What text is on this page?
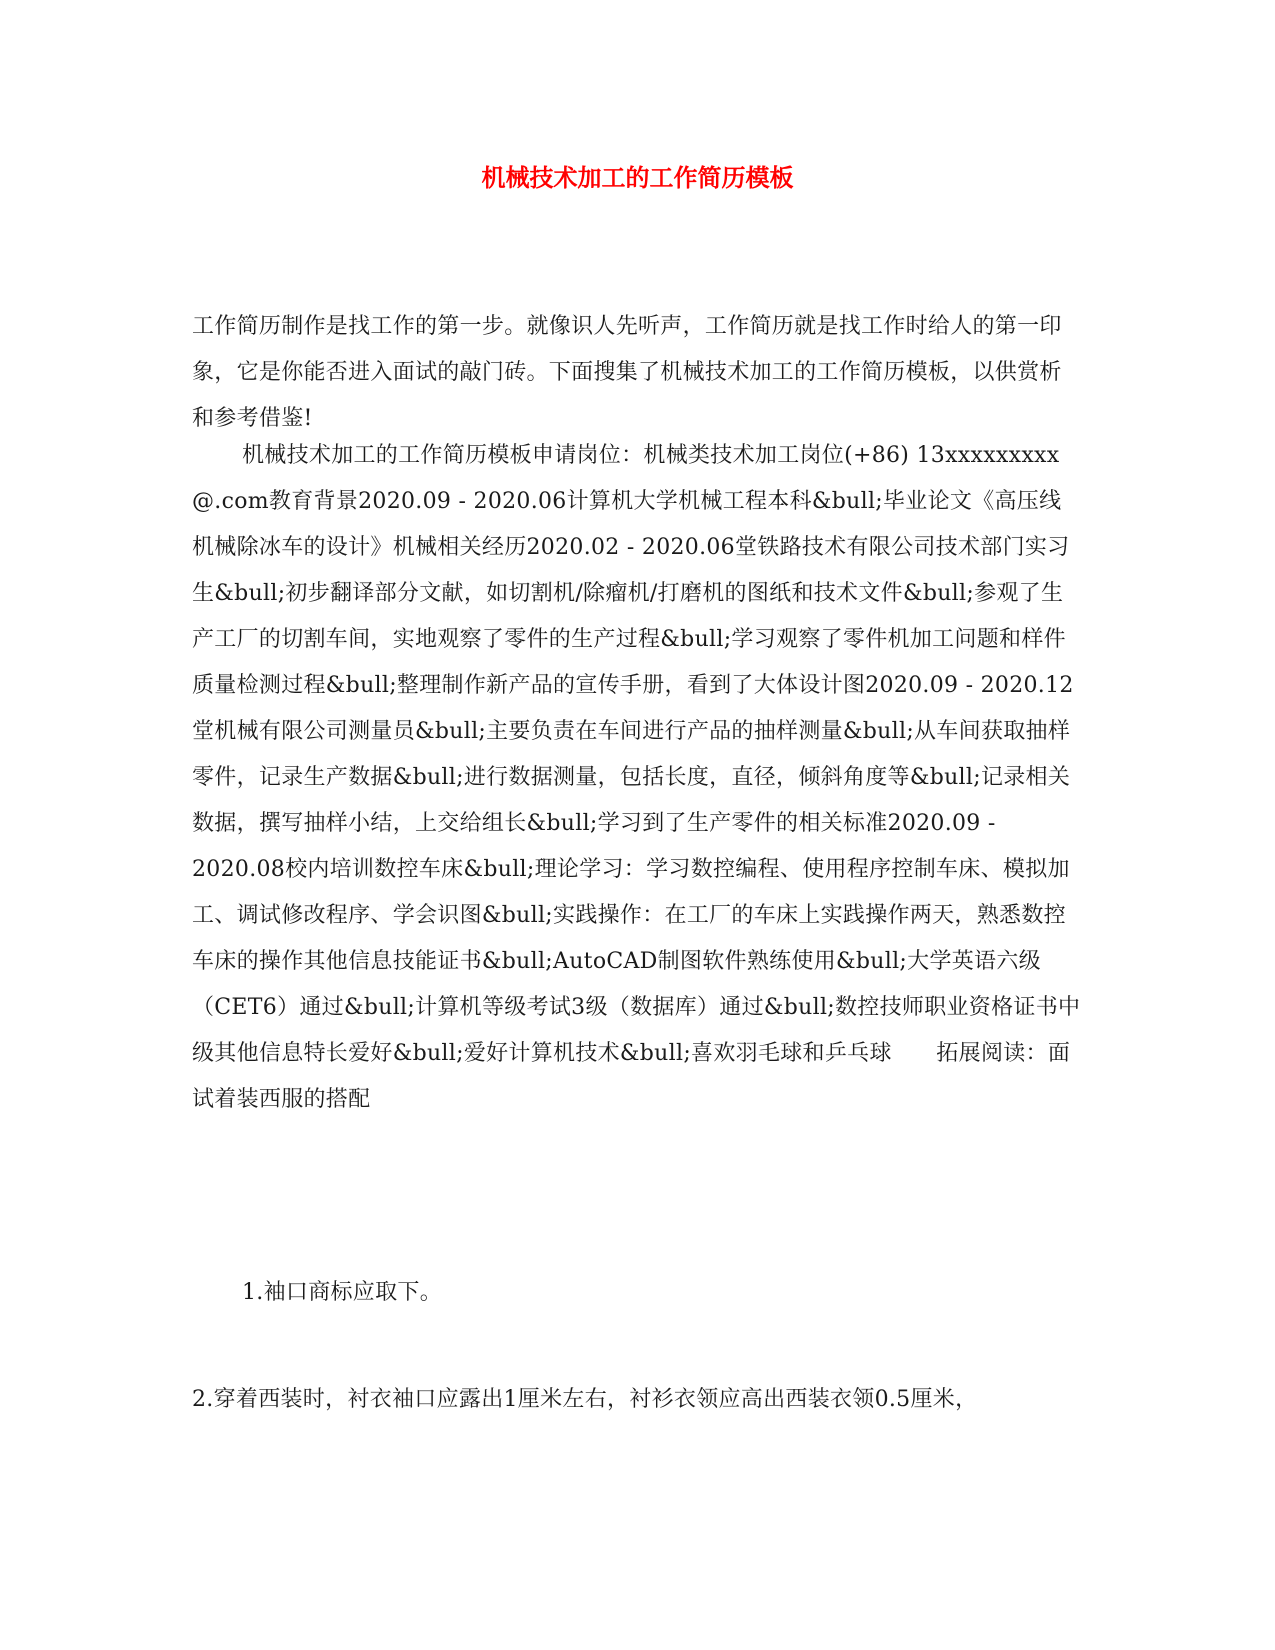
机械技术加工的工作简历模板

工作简历制作是找工作的第一步。就像识人先听声，工作简历就是找工作时给人的第一印象，它是你能否进入面试的敲门砖。下面搜集了机械技术加工的工作简历模板，以供赏析和参考借鉴!

机械技术加工的工作简历模板申请岗位：机械类技术加工岗位(+86) 13xxxxxxxxx @.com教育背景2020.09 - 2020.06计算机大学机械工程本科&bull;毕业论文《高压线机械除冰车的设计》机械相关经历2020.02 - 2020.06堂铁路技术有限公司技术部门实习生&bull;初步翻译部分文献，如切割机/除瘤机/打磨机的图纸和技术文件&bull;参观了生产工厂的切割车间，实地观察了零件的生产过程&bull;学习观察了零件机加工问题和样件质量检测过程&bull;整理制作新产品的宣传手册，看到了大体设计图2020.09 - 2020.12堂机械有限公司测量员&bull;主要负责在车间进行产品的抽样测量&bull;从车间获取抽样零件，记录生产数据&bull;进行数据测量，包括长度，直径，倾斜角度等&bull;记录相关数据，撰写抽样小结，上交给组长&bull;学习到了生产零件的相关标准2020.09 - 2020.08校内培训数控车床&bull;理论学习：学习数控编程、使用程序控制车床、模拟加工、调试修改程序、学会识图&bull;实践操作：在工厂的车床上实践操作两天，熟悉数控车床的操作其他信息技能证书&bull;AutoCAD制图软件熟练使用&bull;大学英语六级（CET6）通过&bull;计算机等级考试3级（数据库）通过&bull;数控技师职业资格证书中级其他信息特长爱好&bull;爱好计算机技术&bull;喜欢羽毛球和乒乓球　　拓展阅读：面试着装西服的搭配

1.袖口商标应取下。

2.穿着西装时，衬衣袖口应露出1厘米左右，衬衫衣领应高出西装衣领0.5厘米，
